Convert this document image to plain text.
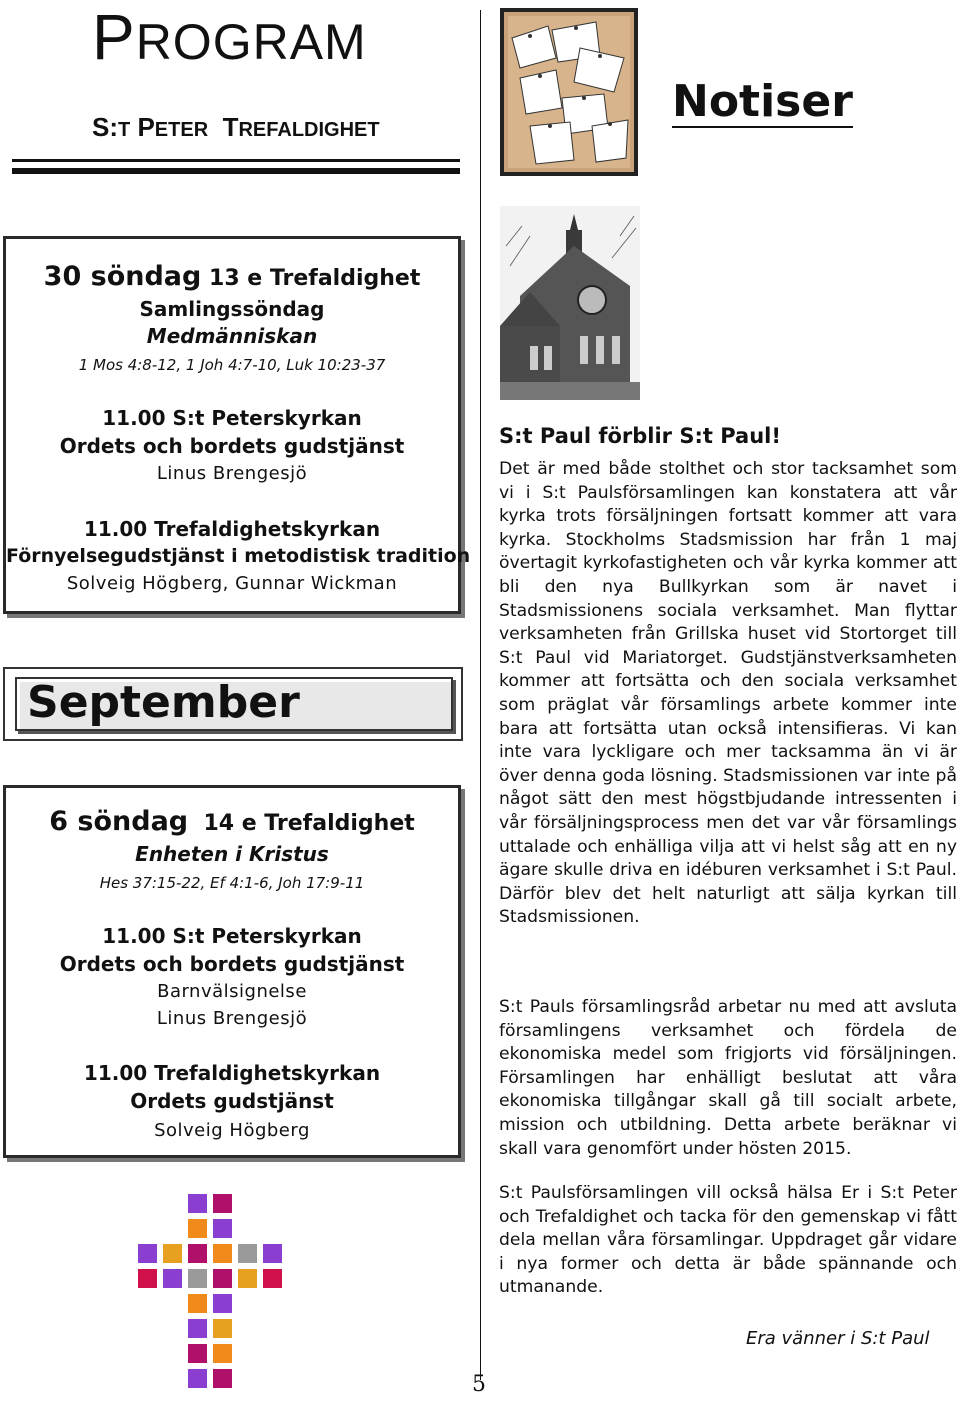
PROGRAM
S:T PETER TREFALDIGHET
30 söndag 13 e Trefaldighet
Samlingssöndag
Medmänniskan
1 Mos 4:8-12, 1 Joh 4:7-10, Luk 10:23-37
11.00 S:t Peterskyrkan
Ordets och bordets gudstjänst
Linus Brengesjö
11.00 Trefaldighetskyrkan
Förnyelsegudstjänst i metodistisk tradition
Solveig Högberg, Gunnar Wickman
September
6 söndag 14 e Trefaldighet
Enheten i Kristus
Hes 37:15-22, Ef 4:1-6, Joh 17:9-11
11.00 S:t Peterskyrkan
Ordets och bordets gudstjänst
Barnvälsignelse
Linus Brengesjö
11.00 Trefaldighetskyrkan
Ordets gudstjänst
Solveig Högberg
5
Notiser
S:t Paul förblir S:t Paul!
Det är med både stolthet och stor tacksamhet som vi i S:t Paulsförsamlingen kan konstatera att vår kyrka trots försäljningen fortsatt kommer att vara kyrka. Stockholms Stadsmission har från 1 maj övertagit kyrkofastigheten och vår kyrka kommer att bli den nya Bullkyrkan som är navet i Stadsmissionens sociala verksamhet. Man flyttar verksamheten från Grillska huset vid Stortorget till S:t Paul vid Mariatorget. Gudstjänstverksamheten kommer att fortsätta och den sociala verksamhet som präglat vår församlings arbete kommer inte bara att fortsätta utan också intensifieras. Vi kan inte vara lyckligare och mer tacksamma än vi är över denna goda lösning. Stadsmissionen var inte på något sätt den mest högstbjudande intressenten i vår försäljningsprocess men det var vår församlings uttalade och enhälliga vilja att vi helst såg att en ny ägare skulle driva en idéburen verksamhet i S:t Paul. Därför blev det helt naturligt att sälja kyrkan till Stadsmissionen.
S:t Pauls församlingsråd arbetar nu med att avsluta församlingens verksamhet och fördela de ekonomiska medel som frigjorts vid försäljningen. Församlingen har enhälligt beslutat att våra ekonomiska tillgångar skall gå till socialt arbete, mission och utbildning. Detta arbete beräknar vi skall vara genomfört under hösten 2015.
S:t Paulsförsamlingen vill också hälsa Er i S:t Peter och Trefaldighet och tacka för den gemenskap vi fått dela mellan våra församlingar. Uppdraget går vidare i nya former och detta är både spännande och utmanande.
Era vänner i S:t Paul
